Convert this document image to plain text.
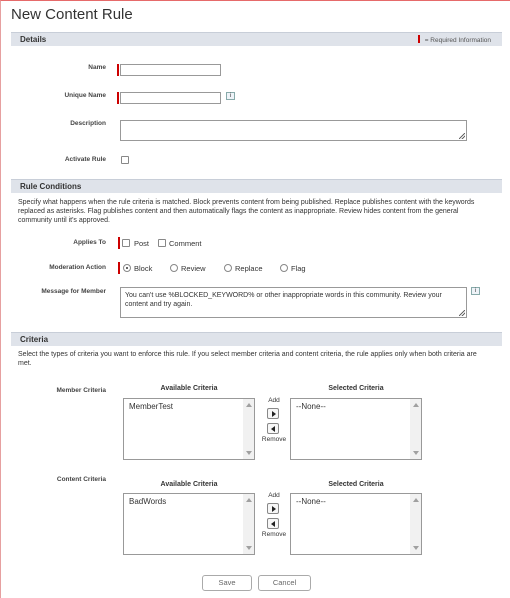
New Content Rule
Details	= Required Information
Name
Unique Name	i
Description
Activate Rule
Rule Conditions
Specify what happens when the rule criteria is matched. Block prevents content from being published. Replace publishes content with the keywords replaced as asterisks. Flag publishes content and then automatically flags the content as inappropriate. Review hides content from the general community until it's approved.
Applies To	Post	Comment
Moderation Action	Block	Review	Replace	Flag
Message for Member
You can't use %BLOCKED_KEYWORD% or other inappropriate words in this community. Review your content and try again.
i
Criteria
Select the types of criteria you want to enforce this rule. If you select member criteria and content criteria, the rule applies only when both criteria are met.
Member Criteria	Available Criteria	Selected Criteria
MemberTest
Add
Remove
--None--
Content Criteria
Available Criteria	Selected Criteria
BadWords
Add
Remove
--None--
Save	Cancel
